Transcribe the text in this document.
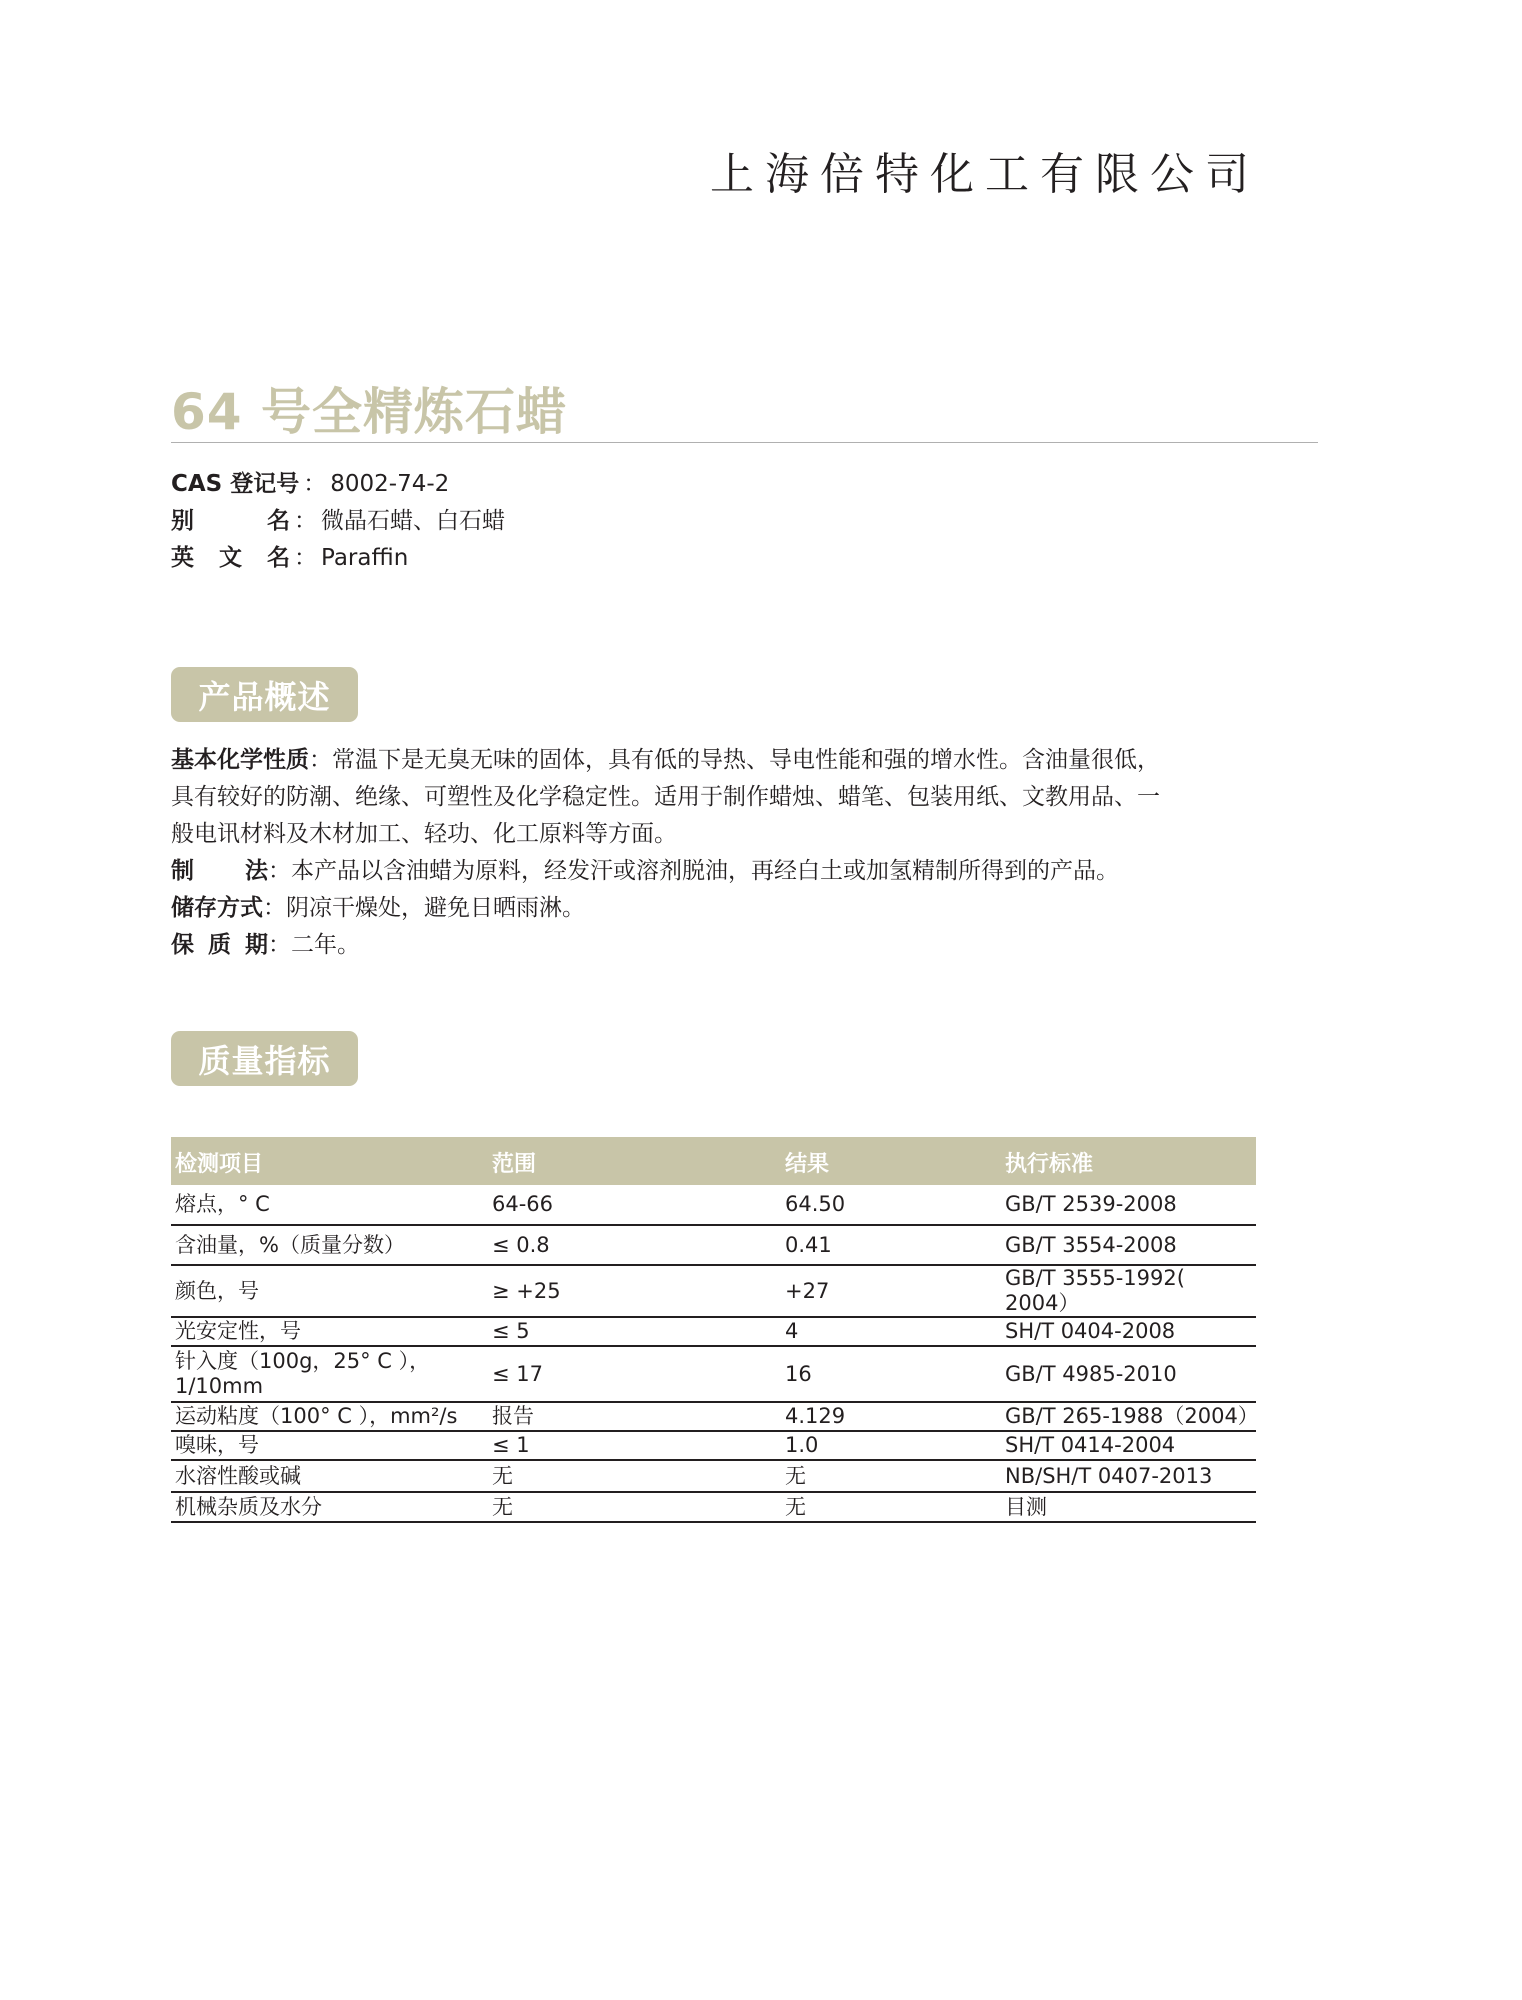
上海倍特化工有限公司
64 号全精炼石蜡
CAS 登记号 ： 8002-74-2
别	名 ： 微晶石蜡、白石蜡
英 文 名 ： Paraffin
产品概述
基本化学性质：常温下是无臭无味的固体，具有低的导热、导电性能和强的增水性。含油量很低，
具有较好的防潮、绝缘、可塑性及化学稳定性。适用于制作蜡烛、蜡笔、包装用纸、文教用品、一
般电讯材料及木材加工、轻功、化工原料等方面。
制 法 ：本产品以含油蜡为原料，经发汗或溶剂脱油，再经白土或加氢精制所得到的产品。
储存方式：阴凉干燥处，避免日晒雨淋。
保 质 期 ：二年。
质量指标
检测项目	范围	结果	执行标准
熔点，° C	64-66	64.50	GB/T 2539-2008
含油量，%（质量分数）	≤ 0.8	0.41	GB/T 3554-2008
颜色，号	≥ +25	+27	GB/T 3555-1992( 2004）
光安定性，号	≤ 5	4	SH/T 0404-2008
针入度（100g，25° C ），1/10mm	≤ 17	16	GB/T 4985-2010
运动粘度（100° C ），mm²/s	报告	4.129	GB/T 265-1988（2004）
嗅味，号	≤ 1	1.0	SH/T 0414-2004
水溶性酸或碱	无	无	NB/SH/T 0407-2013
机械杂质及水分	无	无	目测
